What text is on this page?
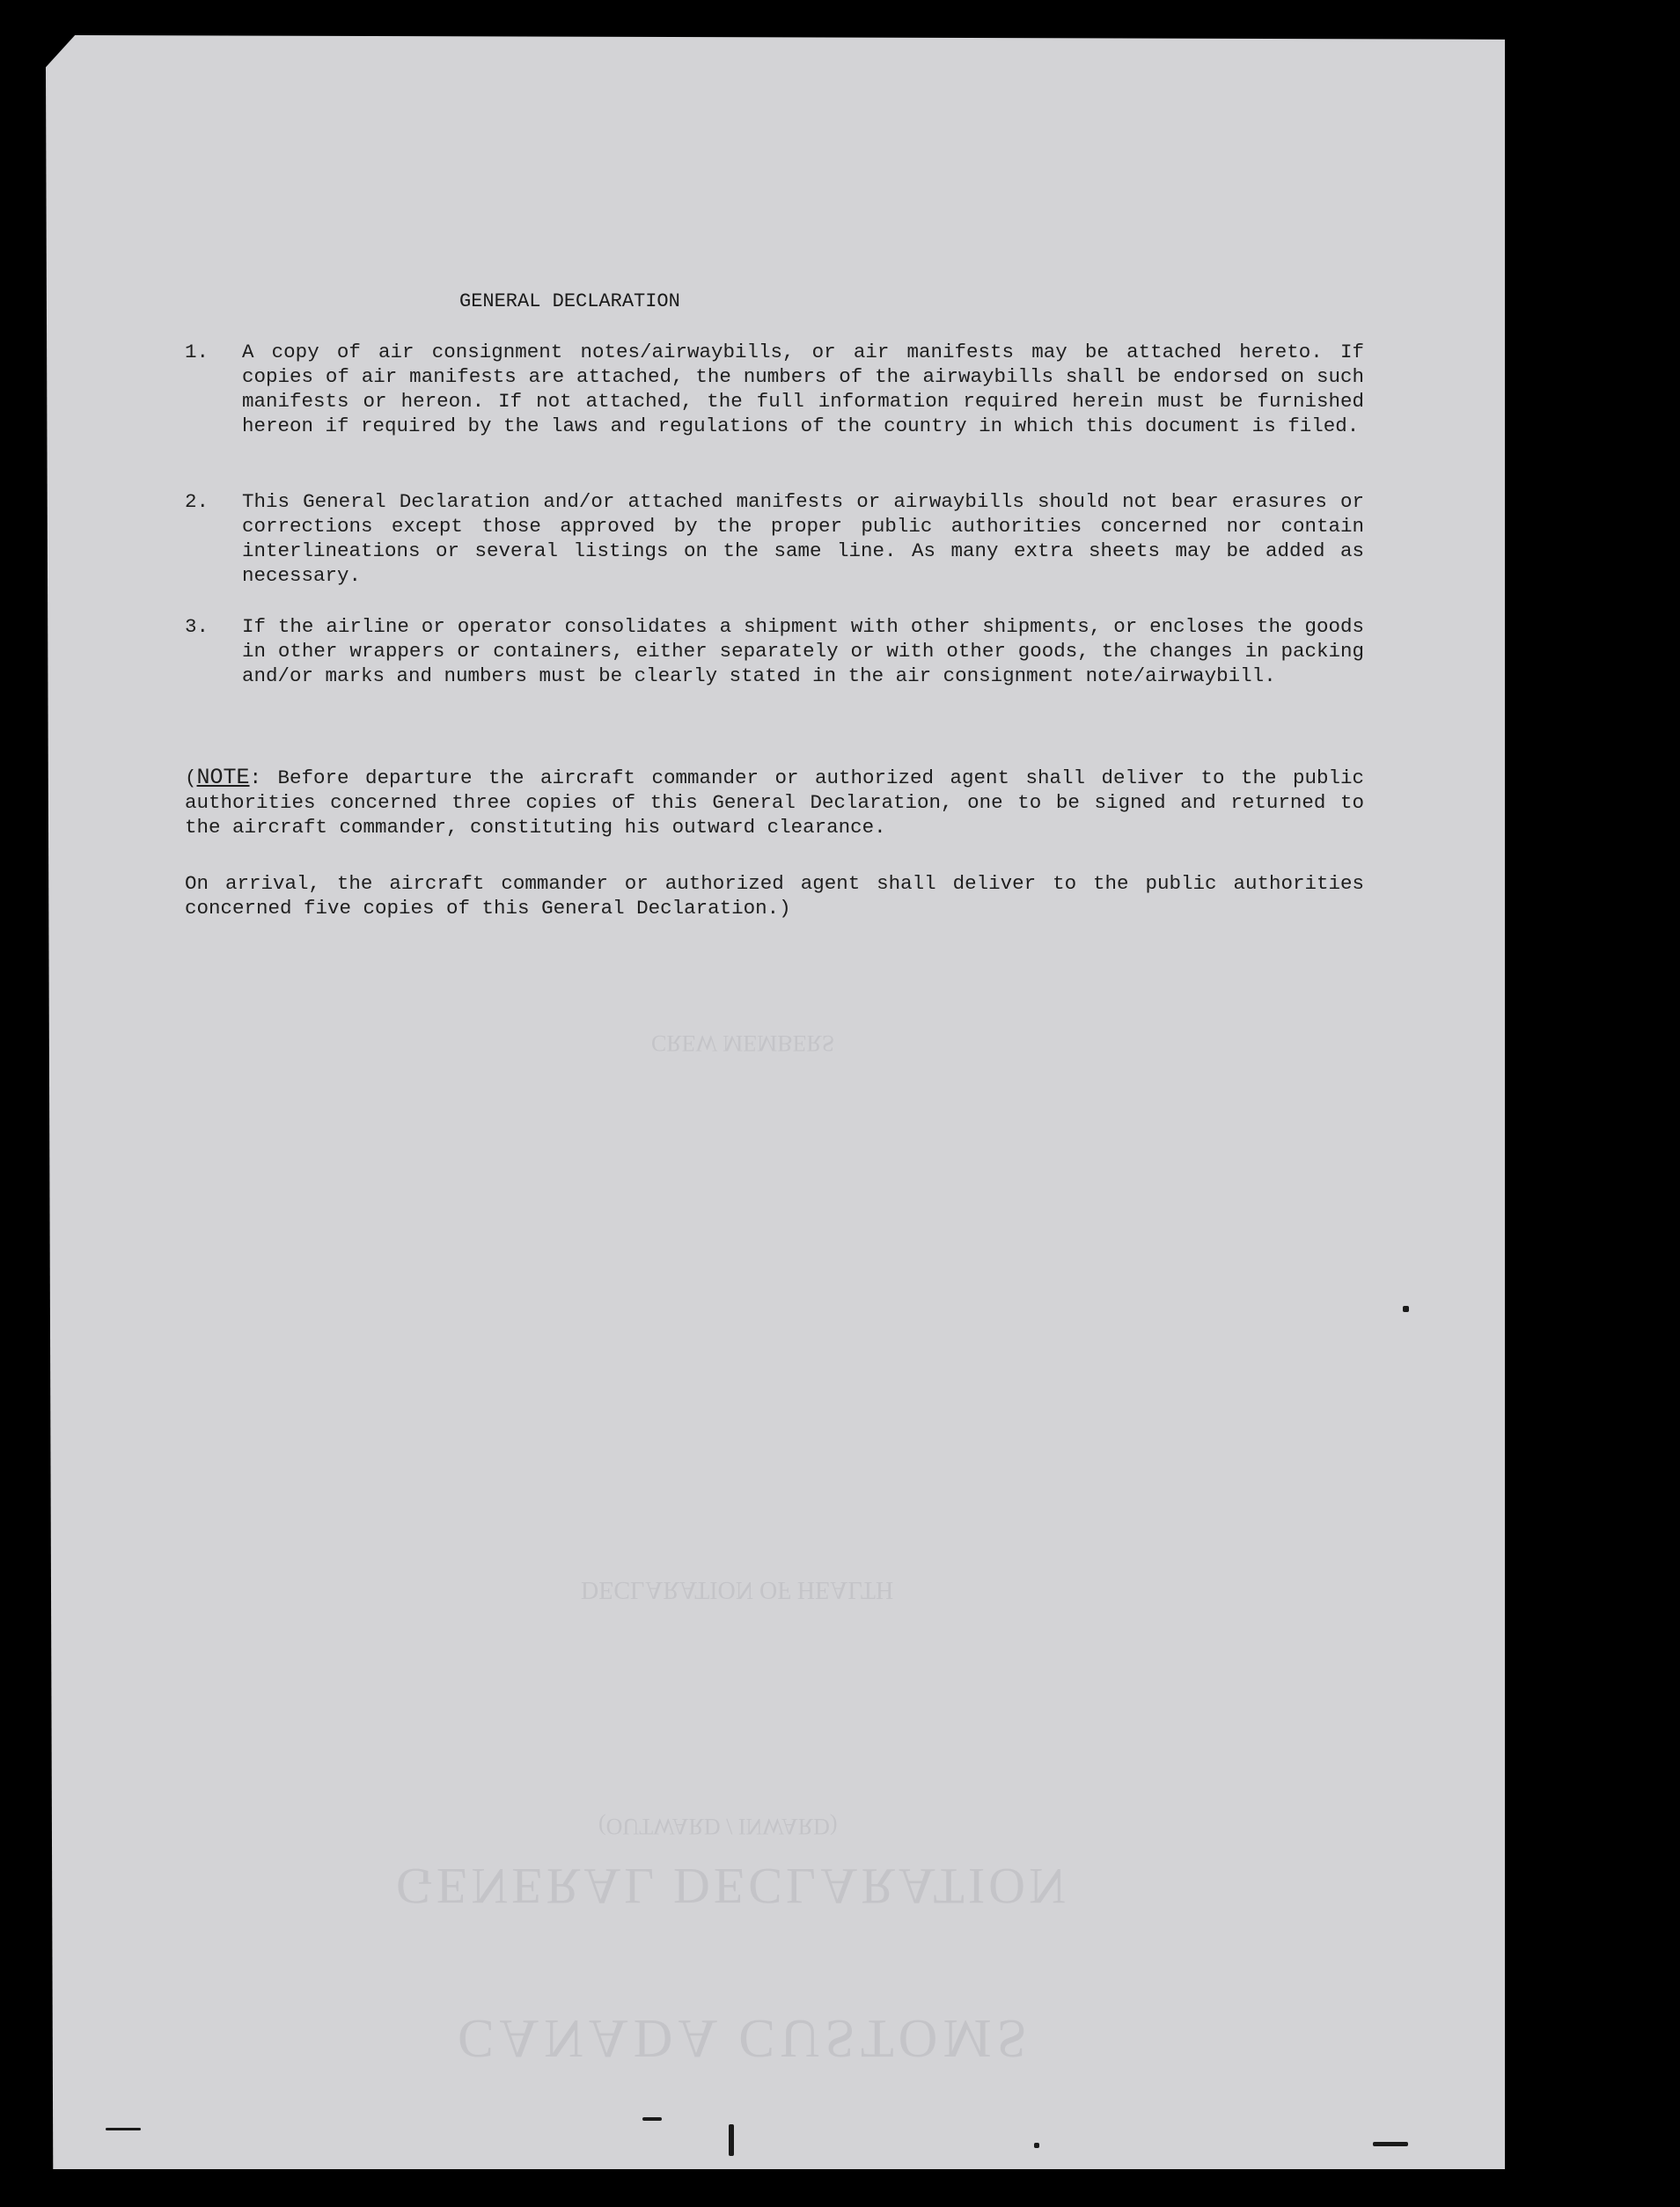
CANADA CUSTOMS
GENERAL DECLARATION
(OUTWARD / INWARD)
CREW MEMBERS
DECLARATION OF HEALTH
GENERAL DECLARATION
1.	A copy of air consignment notes/airwaybills, or air manifests may be attached hereto. If copies of air manifests are attached, the numbers of the airwaybills shall be endorsed on such manifests or hereon. If not attached, the full information required herein must be furnished hereon if required by the laws and regulations of the country in which this document is filed.
2.	This General Declaration and/or attached manifests or airwaybills should not bear erasures or corrections except those approved by the proper public authorities concerned nor contain interlineations or several listings on the same line. As many extra sheets may be added as necessary.
3.	If the airline or operator consolidates a shipment with other shipments, or encloses the goods in other wrappers or containers, either separately or with other goods, the changes in packing and/or marks and numbers must be clearly stated in the air consignment note/airwaybill.
(NOTE: Before departure the aircraft commander or authorized agent shall deliver to the public authorities concerned three copies of this General Declaration, one to be signed and returned to the aircraft commander, constituting his outward clearance.
On arrival, the aircraft commander or authorized agent shall deliver to the public authorities concerned five copies of this General Declaration.)
